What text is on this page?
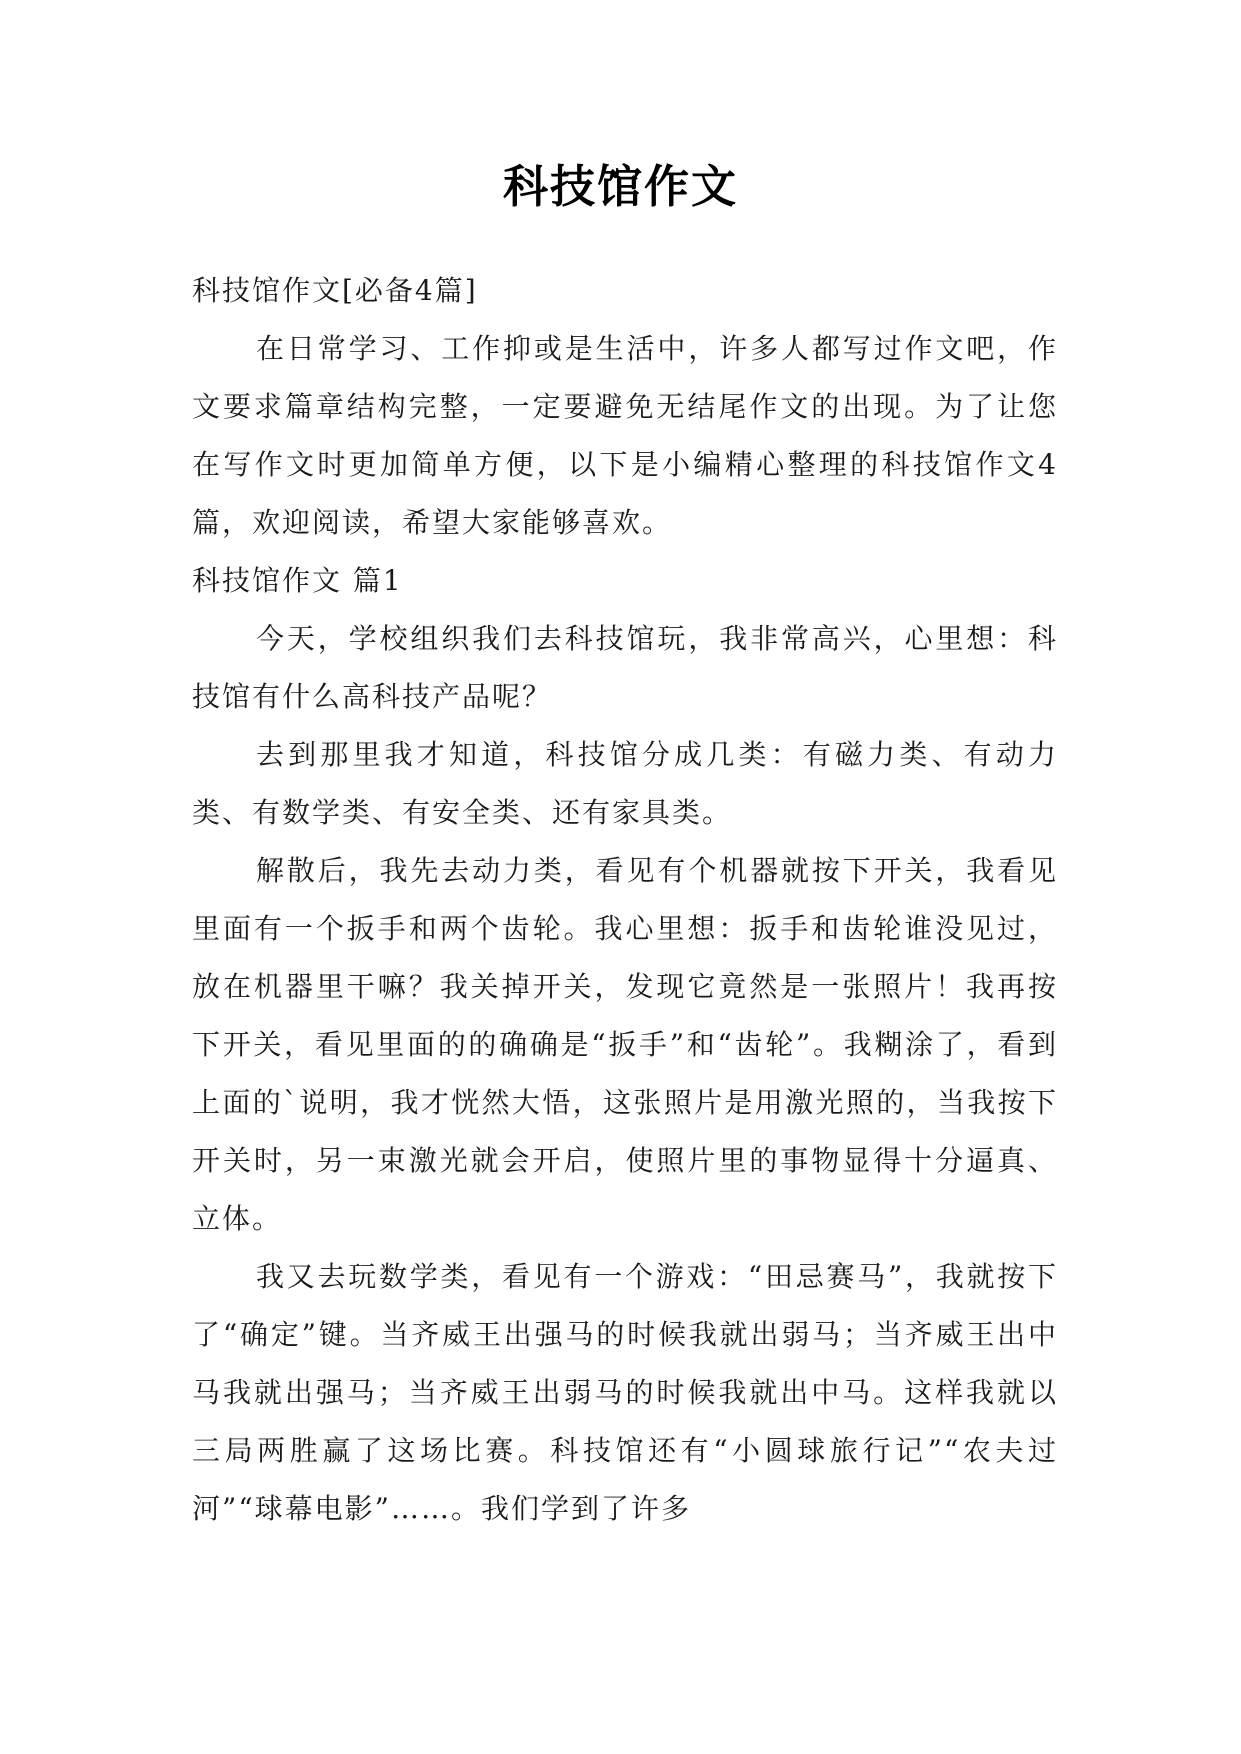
科技馆作文

科技馆作文[必备4篇]

在日常学习、工作抑或是生活中，许多人都写过作文吧，作文要求篇章结构完整，一定要避免无结尾作文的出现。为了让您在写作文时更加简单方便，以下是小编精心整理的科技馆作文4篇，欢迎阅读，希望大家能够喜欢。

科技馆作文 篇1

今天，学校组织我们去科技馆玩，我非常高兴，心里想：科技馆有什么高科技产品呢？

去到那里我才知道，科技馆分成几类：有磁力类、有动力类、有数学类、有安全类、还有家具类。

解散后，我先去动力类，看见有个机器就按下开关，我看见里面有一个扳手和两个齿轮。我心里想：扳手和齿轮谁没见过，放在机器里干嘛？我关掉开关，发现它竟然是一张照片！我再按下开关，看见里面的的确确是“扳手”和“齿轮”。我糊涂了，看到上面的`说明，我才恍然大悟，这张照片是用激光照的，当我按下开关时，另一束激光就会开启，使照片里的事物显得十分逼真、立体。

我又去玩数学类，看见有一个游戏：“田忌赛马”，我就按下了“确定”键。当齐威王出强马的时候我就出弱马；当齐威王出中马我就出强马；当齐威王出弱马的时候我就出中马。这样我就以三局两胜赢了这场比赛。科技馆还有“小圆球旅行记”“农夫过河”“球幕电影”……。我们学到了许多
